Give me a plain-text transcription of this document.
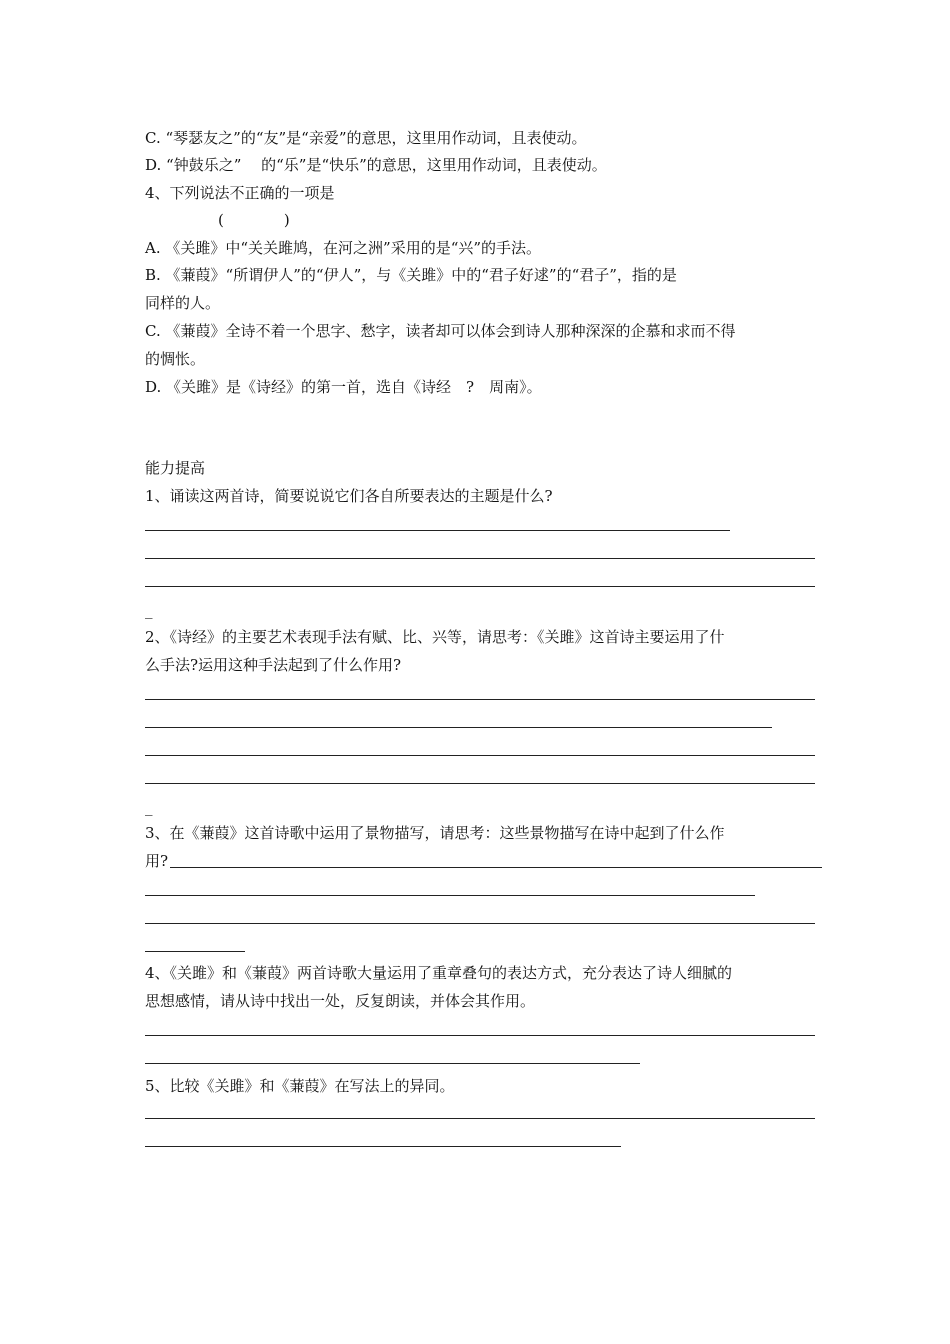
C. “琴瑟友之”的“友”是“亲爱”的意思，这里用作动词，且表使动。
D. “钟鼓乐之”　 的“乐”是“快乐”的意思，这里用作动词，且表使动。
4、下列说法不正确的一项是
(　　　　)
A. 《关雎》中“关关雎鸠，在河之洲”采用的是“兴”的手法。
B. 《蒹葭》“所谓伊人”的“伊人”，与《关雎》中的“君子好逑”的“君子”，指的是
同样的人。
C. 《蒹葭》全诗不着一个思字、愁字，读者却可以体会到诗人那种深深的企慕和求而不得
的惆怅。
D. 《关雎》是《诗经》的第一首，选自《诗经　?　周南》。
能力提高
1、诵读这两首诗，简要说说它们各自所要表达的主题是什么?
_
2、《诗经》的主要艺术表现手法有赋、比、兴等，请思考：《关雎》这首诗主要运用了什
么手法?运用这种手法起到了什么作用?
_
3、在《蒹葭》这首诗歌中运用了景物描写，请思考：这些景物描写在诗中起到了什么作
用?
4、《关雎》和《蒹葭》两首诗歌大量运用了重章叠句的表达方式，充分表达了诗人细腻的
思想感情，请从诗中找出一处，反复朗读，并体会其作用。
5、比较《关雎》和《蒹葭》在写法上的异同。
